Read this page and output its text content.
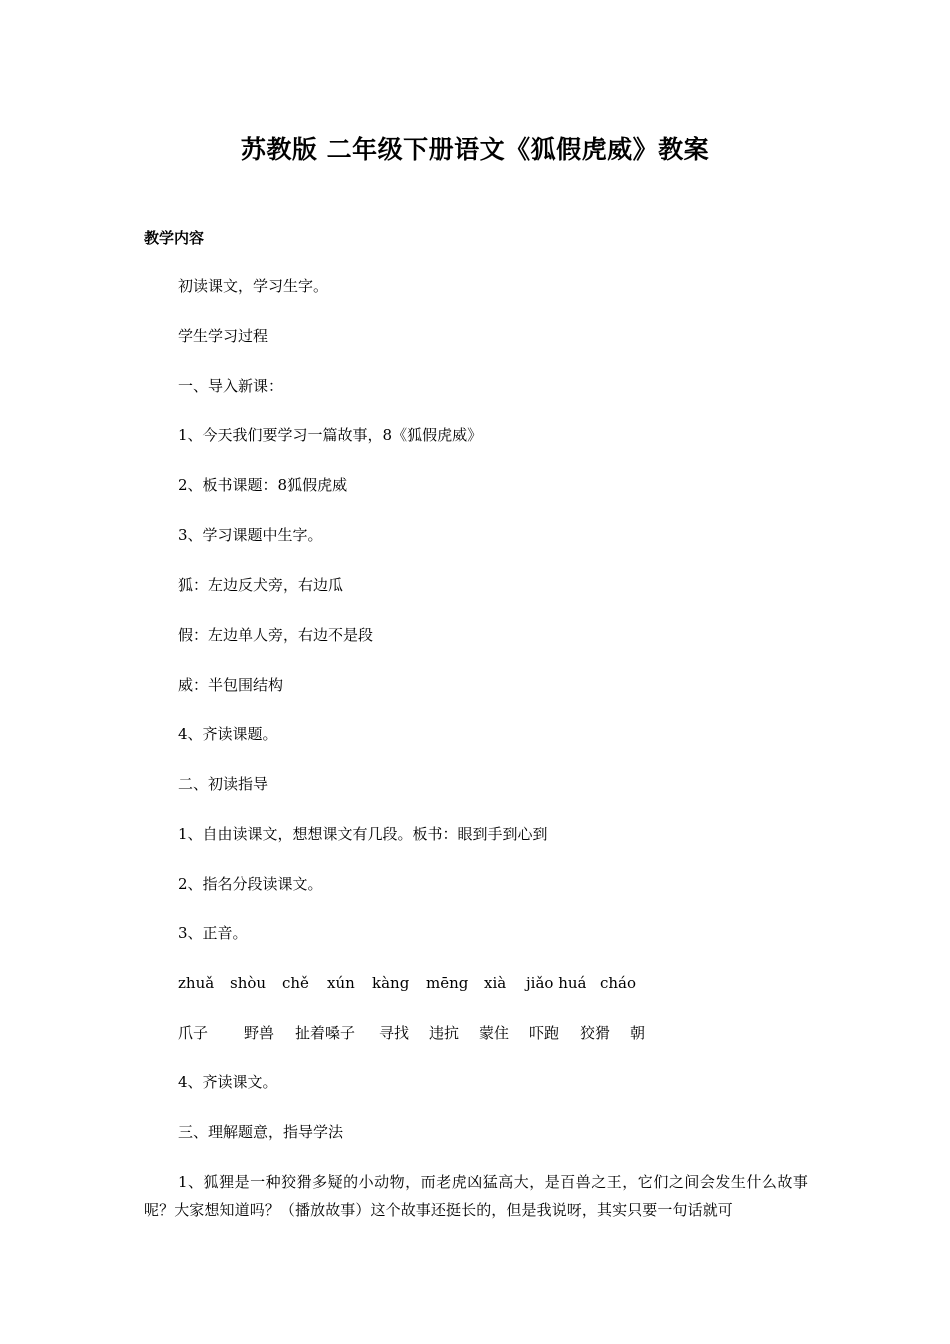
苏教版 二年级下册语文《狐假虎威》教案
教学内容
初读课文，学习生字。
学生学习过程
一、导入新课：
1、今天我们要学习一篇故事，8《狐假虎威》
2、板书课题：8狐假虎威
3、学习课题中生字。
狐：左边反犬旁，右边瓜
假：左边单人旁，右边不是段
威：半包围结构
4、齐读课题。
二、初读指导
1、自由读课文，想想课文有几段。板书：眼到手到心到
2、指名分段读课文。
3、正音。
zhuǎ shòu chě xún kàng mēng xià jiǎo huá cháo
爪子 野兽 扯着嗓子 寻找 违抗 蒙住 吓跑 狡猾 朝
4、齐读课文。
三、理解题意，指导学法
1、狐狸是一种狡猾多疑的小动物，而老虎凶猛高大，是百兽之王，它们之间会发生什么故事呢？大家想知道吗？（播放故事）这个故事还挺长的，但是我说呀，其实只要一句话就可
